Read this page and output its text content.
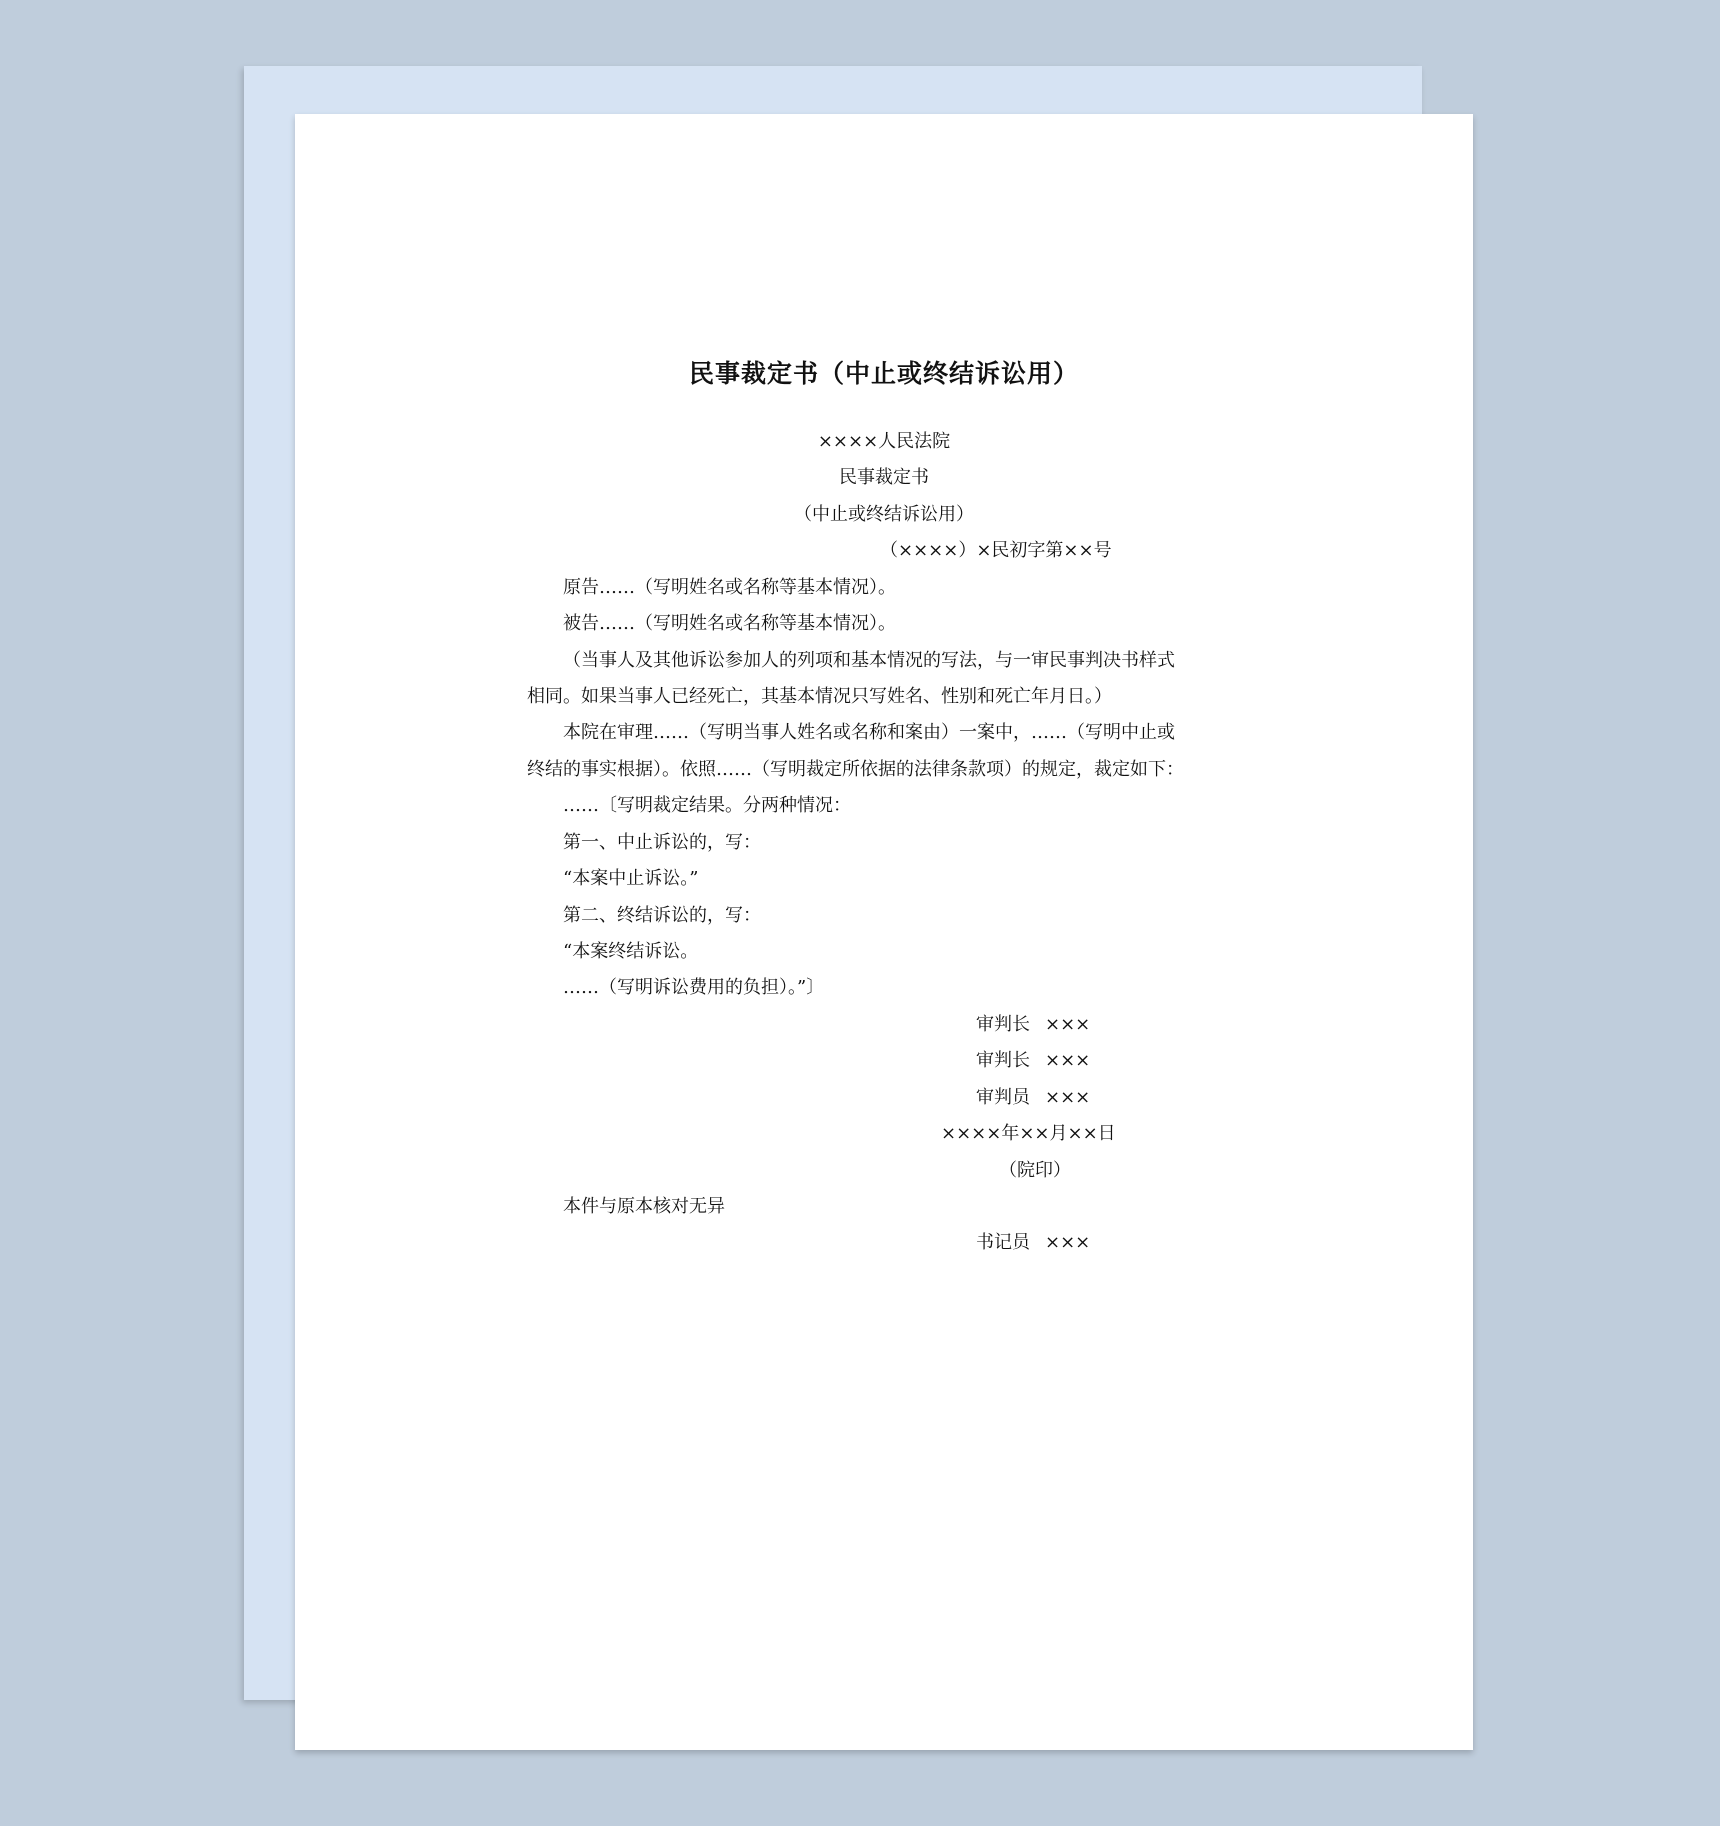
民事裁定书（中止或终结诉讼用）
××××人民法院
民事裁定书
（中止或终结诉讼用）
（××××）×民初字第××号
原告……（写明姓名或名称等基本情况）。
被告……（写明姓名或名称等基本情况）。
（当事人及其他诉讼参加人的列项和基本情况的写法，与一审民事判决书样式
相同。如果当事人已经死亡，其基本情况只写姓名、性别和死亡年月日。）
本院在审理……（写明当事人姓名或名称和案由）一案中，……（写明中止或
终结的事实根据）。依照……（写明裁定所依据的法律条款项）的规定，裁定如下：
……〔写明裁定结果。分两种情况：
第一、中止诉讼的，写：
“本案中止诉讼。”
第二、终结诉讼的，写：
“本案终结诉讼。
……（写明诉讼费用的负担）。”〕
审判长 ×××
审判长 ×××
审判员 ×××
××××年××月××日
（院印）
本件与原本核对无异
书记员 ×××
